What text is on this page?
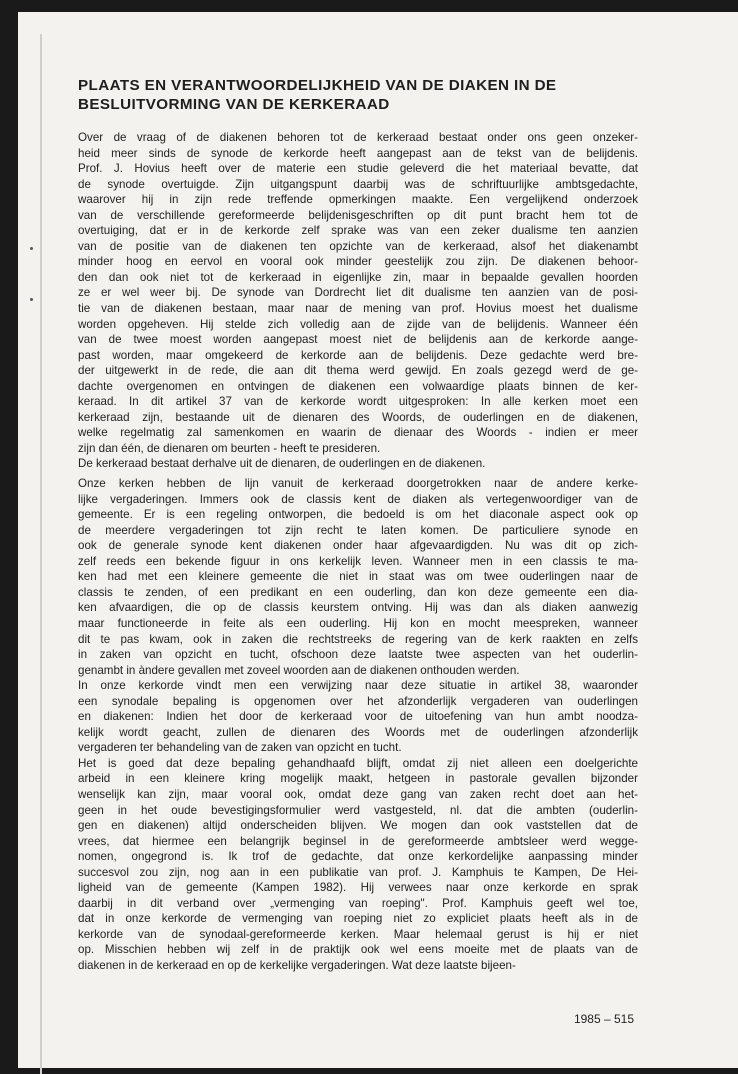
PLAATS EN VERANTWOORDELIJKHEID VAN DE DIAKEN IN DE
BESLUITVORMING VAN DE KERKERAAD
Over de vraag of de diakenen behoren tot de kerkeraad bestaat onder ons geen onzeker-
heid meer sinds de synode de kerkorde heeft aangepast aan de tekst van de belijdenis.
Prof. J. Hovius heeft over de materie een studie geleverd die het materiaal bevatte, dat
de synode overtuigde. Zijn uitgangspunt daarbij was de schriftuurlijke ambtsgedachte,
waarover hij in zijn rede treffende opmerkingen maakte. Een vergelijkend onderzoek
van de verschillende gereformeerde belijdenisgeschriften op dit punt bracht hem tot de
overtuiging, dat er in de kerkorde zelf sprake was van een zeker dualisme ten aanzien
van de positie van de diakenen ten opzichte van de kerkeraad, alsof het diakenambt
minder hoog en eervol en vooral ook minder geestelijk zou zijn. De diakenen behoor-
den dan ook niet tot de kerkeraad in eigenlijke zin, maar in bepaalde gevallen hoorden
ze er wel weer bij. De synode van Dordrecht liet dit dualisme ten aanzien van de posi-
tie van de diakenen bestaan, maar naar de mening van prof. Hovius moest het dualisme
worden opgeheven. Hij stelde zich volledig aan de zijde van de belijdenis. Wanneer één
van de twee moest worden aangepast moest niet de belijdenis aan de kerkorde aange-
past worden, maar omgekeerd de kerkorde aan de belijdenis. Deze gedachte werd bre-
der uitgewerkt in de rede, die aan dit thema werd gewijd. En zoals gezegd werd de ge-
dachte overgenomen en ontvingen de diakenen een volwaardige plaats binnen de ker-
keraad. In dit artikel 37 van de kerkorde wordt uitgesproken: In alle kerken moet een
kerkeraad zijn, bestaande uit de dienaren des Woords, de ouderlingen en de diakenen,
welke regelmatig zal samenkomen en waarin de dienaar des Woords - indien er meer
zijn dan één, de dienaren om beurten - heeft te presideren.
De kerkeraad bestaat derhalve uit de dienaren, de ouderlingen en de diakenen.
Onze kerken hebben de lijn vanuit de kerkeraad doorgetrokken naar de andere kerke-
lijke vergaderingen. Immers ook de classis kent de diaken als vertegenwoordiger van de
gemeente. Er is een regeling ontworpen, die bedoeld is om het diaconale aspect ook op
de meerdere vergaderingen tot zijn recht te laten komen. De particuliere synode en
ook de generale synode kent diakenen onder haar afgevaardigden. Nu was dit op zich-
zelf reeds een bekende figuur in ons kerkelijk leven. Wanneer men in een classis te ma-
ken had met een kleinere gemeente die niet in staat was om twee ouderlingen naar de
classis te zenden, of een predikant en een ouderling, dan kon deze gemeente een dia-
ken afvaardigen, die op de classis keurstem ontving. Hij was dan als diaken aanwezig
maar functioneerde in feite als een ouderling. Hij kon en mocht meespreken, wanneer
dit te pas kwam, ook in zaken die rechtstreeks de regering van de kerk raakten en zelfs
in zaken van opzicht en tucht, ofschoon deze laatste twee aspecten van het ouderlin-
genambt in àndere gevallen met zoveel woorden aan de diakenen onthouden werden.
In onze kerkorde vindt men een verwijzing naar deze situatie in artikel 38, waaronder
een synodale bepaling is opgenomen over het afzonderlijk vergaderen van ouderlingen
en diakenen: Indien het door de kerkeraad voor de uitoefening van hun ambt noodza-
kelijk wordt geacht, zullen de dienaren des Woords met de ouderlingen afzonderlijk
vergaderen ter behandeling van de zaken van opzicht en tucht.
Het is goed dat deze bepaling gehandhaafd blijft, omdat zij niet alleen een doelgerichte
arbeid in een kleinere kring mogelijk maakt, hetgeen in pastorale gevallen bijzonder
wenselijk kan zijn, maar vooral ook, omdat deze gang van zaken recht doet aan het-
geen in het oude bevestigingsformulier werd vastgesteld, nl. dat die ambten (ouderlin-
gen en diakenen) altijd onderscheiden blijven. We mogen dan ook vaststellen dat de
vrees, dat hiermee een belangrijk beginsel in de gereformeerde ambtsleer werd wegge-
nomen, ongegrond is. Ik trof de gedachte, dat onze kerkordelijke aanpassing minder
succesvol zou zijn, nog aan in een publikatie van prof. J. Kamphuis te Kampen, De Hei-
ligheid van de gemeente (Kampen 1982). Hij verwees naar onze kerkorde en sprak
daarbij in dit verband over „vermenging van roeping". Prof. Kamphuis geeft wel toe,
dat in onze kerkorde de vermenging van roeping niet zo expliciet plaats heeft als in de
kerkorde van de synodaal-gereformeerde kerken. Maar helemaal gerust is hij er niet
op. Misschien hebben wij zelf in de praktijk ook wel eens moeite met de plaats van de
diakenen in de kerkeraad en op de kerkelijke vergaderingen. Wat deze laatste bijeen-
1985 – 515
